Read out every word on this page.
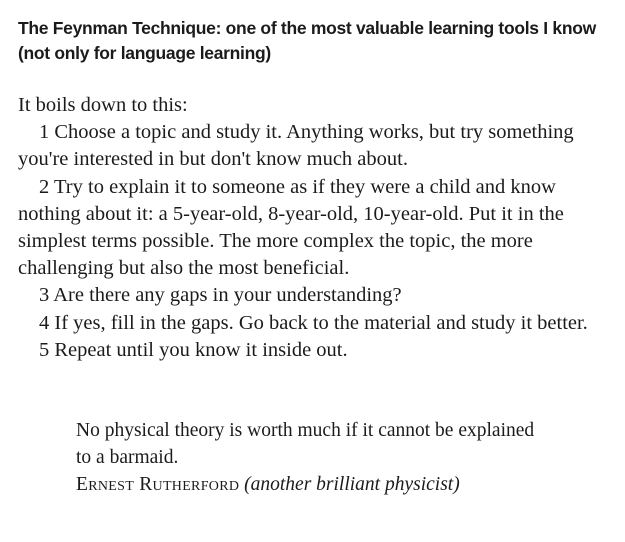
The Feynman Technique: one of the most valuable learning tools I know (not only for language learning)

It boils down to this:

1 Choose a topic and study it. Anything works, but try something you're interested in but don't know much about.

2 Try to explain it to someone as if they were a child and know nothing about it: a 5-year-old, 8-year-old, 10-year-old. Put it in the simplest terms possible. The more complex the topic, the more challenging but also the most beneficial.

3 Are there any gaps in your understanding?

4 If yes, fill in the gaps. Go back to the material and study it better.

5 Repeat until you know it inside out.

No physical theory is worth much if it cannot be explained to a barmaid.

Ernest Rutherford (another brilliant physicist)
